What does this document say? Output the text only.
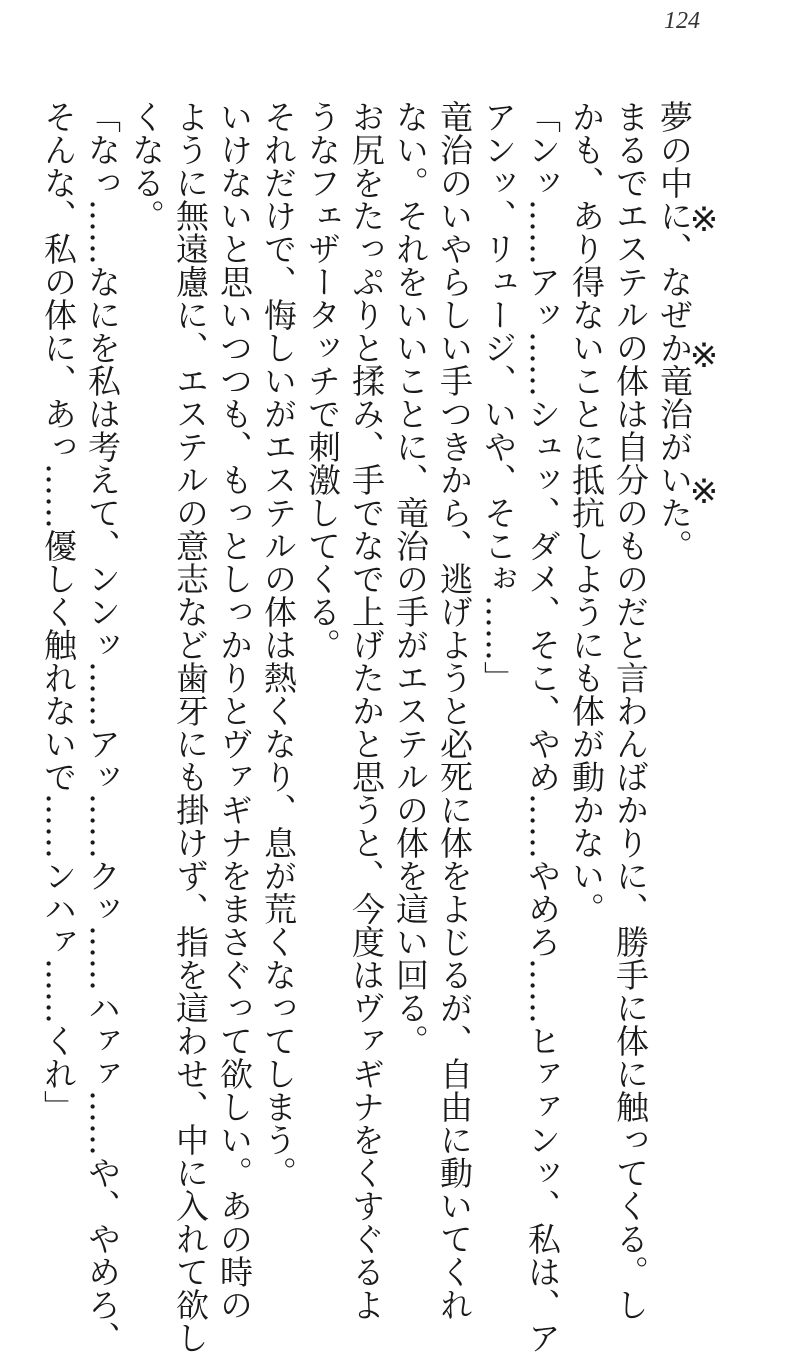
124
※※※
夢の中に、なぜか竜治がいた。
まるでエステルの体は自分のものだと言わんばかりに、勝手に体に触ってくる。し
かも、あり得ないことに抵抗しようにも体が動かない。
「ンッ……アッ……シュッ、ダメ、そこ、やめ……やめろ……ヒァァンッ、私は、ア
アンッ、リュージ、いや、そこぉ……」
竜治のいやらしい手つきから、逃げようと必死に体をよじるが、自由に動いてくれ
ない。それをいいことに、竜治の手がエステルの体を這い回る。
お尻をたっぷりと揉み、手でなで上げたかと思うと、今度はヴァギナをくすぐるよ
うなフェザータッチで刺激してくる。
それだけで、悔しいがエステルの体は熱くなり、息が荒くなってしまう。
いけないと思いつつも、もっとしっかりとヴァギナをまさぐって欲しい。あの時の
ように無遠慮に、エステルの意志など歯牙にも掛けず、指を這わせ、中に入れて欲し
くなる。
「なっ……なにを私は考えて、ンンッ……アッ……クッ……ハァァ……や、やめろ、
そんな、私の体に、あっ……優しく触れないで……ンハァ……くれ」
